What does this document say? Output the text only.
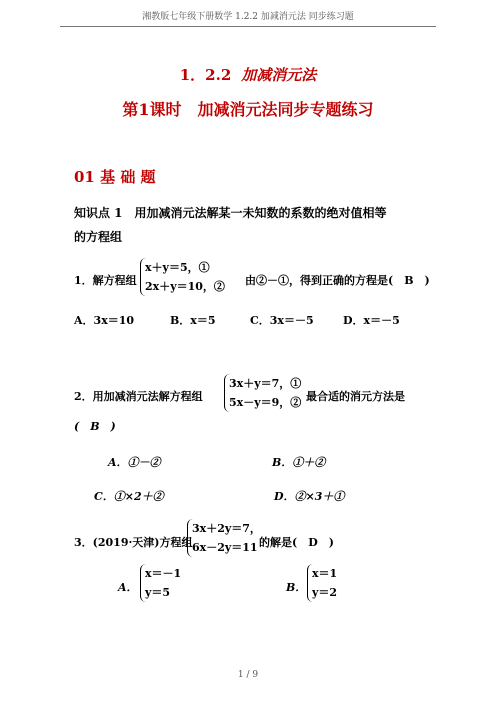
湘教版七年级下册数学 1.2.2 加减消元法 同步练习题
1．2.2 加减消元法
第1课时　加减消元法同步专题练习
01 基 础 题
知识点 1　用加减消元法解某一未知数的系数的绝对值相等
的方程组
1．解方程组
x＋y＝5，①
2x＋y＝10，② 由②－①，得到正确的方程是(　B　)
A．3x＝10	B．x＝5	C．3x＝－5	D．x＝－5
2．用加减消元法解方程组
3x＋y＝7，①
5x－y＝9，② 最合适的消元方法是
(　B　)
A．①－②	B．①＋②
C．①×2＋②	D．②×3＋①
3．(2019·天津)方程组
3x＋2y＝7，
6x－2y＝11 的解是(　D　)
A．
x＝－1
y＝5	B．
x＝1
y＝2
1 / 9
